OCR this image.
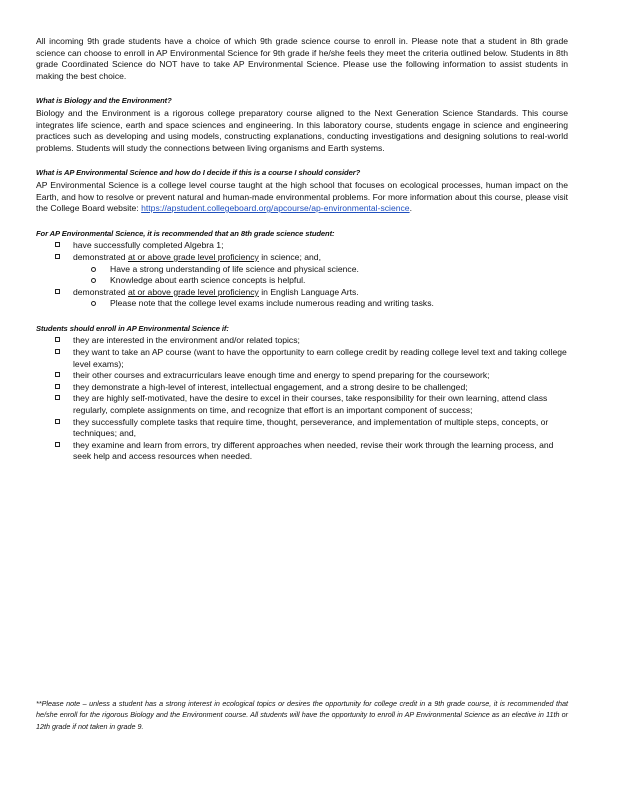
All incoming 9th grade students have a choice of which 9th grade science course to enroll in. Please note that a student in 8th grade science can choose to enroll in AP Environmental Science for 9th grade if he/she feels they meet the criteria outlined below. Students in 8th grade Coordinated Science do NOT have to take AP Environmental Science. Please use the following information to assist students in making the best choice.

What is Biology and the Environment?

Biology and the Environment is a rigorous college preparatory course aligned to the Next Generation Science Standards. This course integrates life science, earth and space sciences and engineering. In this laboratory course, students engage in science and engineering practices such as developing and using models, constructing explanations, conducting investigations and designing solutions to real-world problems. Students will study the connections between living organisms and Earth systems.

What is AP Environmental Science and how do I decide if this is a course I should consider?

AP Environmental Science is a college level course taught at the high school that focuses on ecological processes, human impact on the Earth, and how to resolve or prevent natural and human-made environmental problems. For more information about this course, please visit the College Board website: https://apstudent.collegeboard.org/apcourse/ap-environmental-science.

For AP Environmental Science, it is recommended that an 8th grade science student:
have successfully completed Algebra 1;
demonstrated at or above grade level proficiency in science; and,
Have a strong understanding of life science and physical science.
Knowledge about earth science concepts is helpful.
demonstrated at or above grade level proficiency in English Language Arts.
Please note that the college level exams include numerous reading and writing tasks.
Students should enroll in AP Environmental Science if:
they are interested in the environment and/or related topics;
they want to take an AP course (want to have the opportunity to earn college credit by reading college level text and taking college level exams);
their other courses and extracurriculars leave enough time and energy to spend preparing for the coursework;
they demonstrate a high-level of interest, intellectual engagement, and a strong desire to be challenged;
they are highly self-motivated, have the desire to excel in their courses, take responsibility for their own learning, attend class regularly, complete assignments on time, and recognize that effort is an important component of success;
they successfully complete tasks that require time, thought, perseverance, and implementation of multiple steps, concepts, or techniques; and,
they examine and learn from errors, try different approaches when needed, revise their work through the learning process, and seek help and access resources when needed.

**Please note – unless a student has a strong interest in ecological topics or desires the opportunity for college credit in a 9th grade course, it is recommended that he/she enroll for the rigorous Biology and the Environment course. All students will have the opportunity to enroll in AP Environmental Science as an elective in 11th or 12th grade if not taken in grade 9.
